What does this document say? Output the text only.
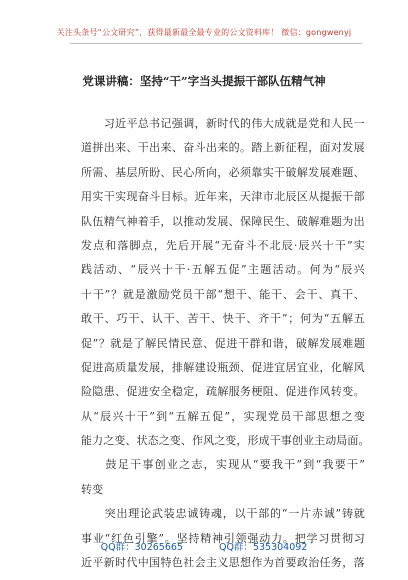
关注头条号“公文研究”，获得最新最全最专业的公文资料库！ 微信：gongwenyj
党课讲稿：坚持“干”字当头提振干部队伍精气神

习 近 平 总 书 记 强 调 ， 新 时 代 的 伟 大 成 就 是 党 和 人 民 一
道 拼 出 来 、 干 出 来 、 奋 斗 出 来 的 。 踏 上 新 征 程 ， 面 对 发 展
所 需 、 基 层 所 盼 、 民 心 所 向 ， 必 须 靠 实 干 破 解 发 展 难 题 、
用 实 干 实 现 奋 斗 目 标 。 近 年 来 ， 天 津 市 北 辰 区 从 提 振 干 部
队 伍 精 气 神 着 手 ， 以 推 动 发 展 、 保 障 民 生 、 破 解 难 题 为 出
发 点 和 落 脚 点 ， 先 后 开 展 “ 无 奋 斗 不 北 辰 · 辰 兴 十 干 ” 实
践 活 动 、 “ 辰 兴 十 干 · 五 解 五 促 ” 主 题 活 动 。 何 为 “ 辰 兴
十 干 ” ？ 就 是 激 励 党 员 干 部 “ 想 干 、 能 干 、 会 干 、 真 干 、
敢 干 、 巧 干 、 认 干 、 苦 干 、 快 干 、 齐 干 ” ； 何 为 “ 五 解 五
促 ” ？ 就 是 了 解 民 情 民 意 、 促 进 干 群 和 谐 ， 破 解 发 展 难 题
促 进 高 质 量 发 展 ， 排 解 建 设 瓶 颈 、 促 进 宜 居 宜 业 ， 化 解 风
险 隐 患 、 促 进 安 全 稳 定 ， 疏 解 服 务 梗 阻 、 促 进 作 风 转 变 。
从 “ 辰 兴 十 干 ” 到 “ 五 解 五 促 ” ， 实 现 党 员 干 部 思 想 之 变
能力之变、状态之变、作风之变，形成干事创业主动局面。

鼓 足 干 事 创 业 之 志 ， 实 现 从 “ 要 我 干 ” 到 “ 我 要 干 ”
转变

突 出 理 论 武 装 忠 诚 铸 魂 ， 以 干 部 的 “ 一 片 赤 诚 ” 铸 就
事 业 “ 红 色 引 擎 ” 。 坚 持 精 神 引 领 强 动 力 。 把 学 习 贯 彻 习
近 平 新 时 代 中 国 特 色 社 会 主 义 思 想 作 为 首 要 政 治 任 务 ， 落
QQ群：30265665	QQ群：535304092
